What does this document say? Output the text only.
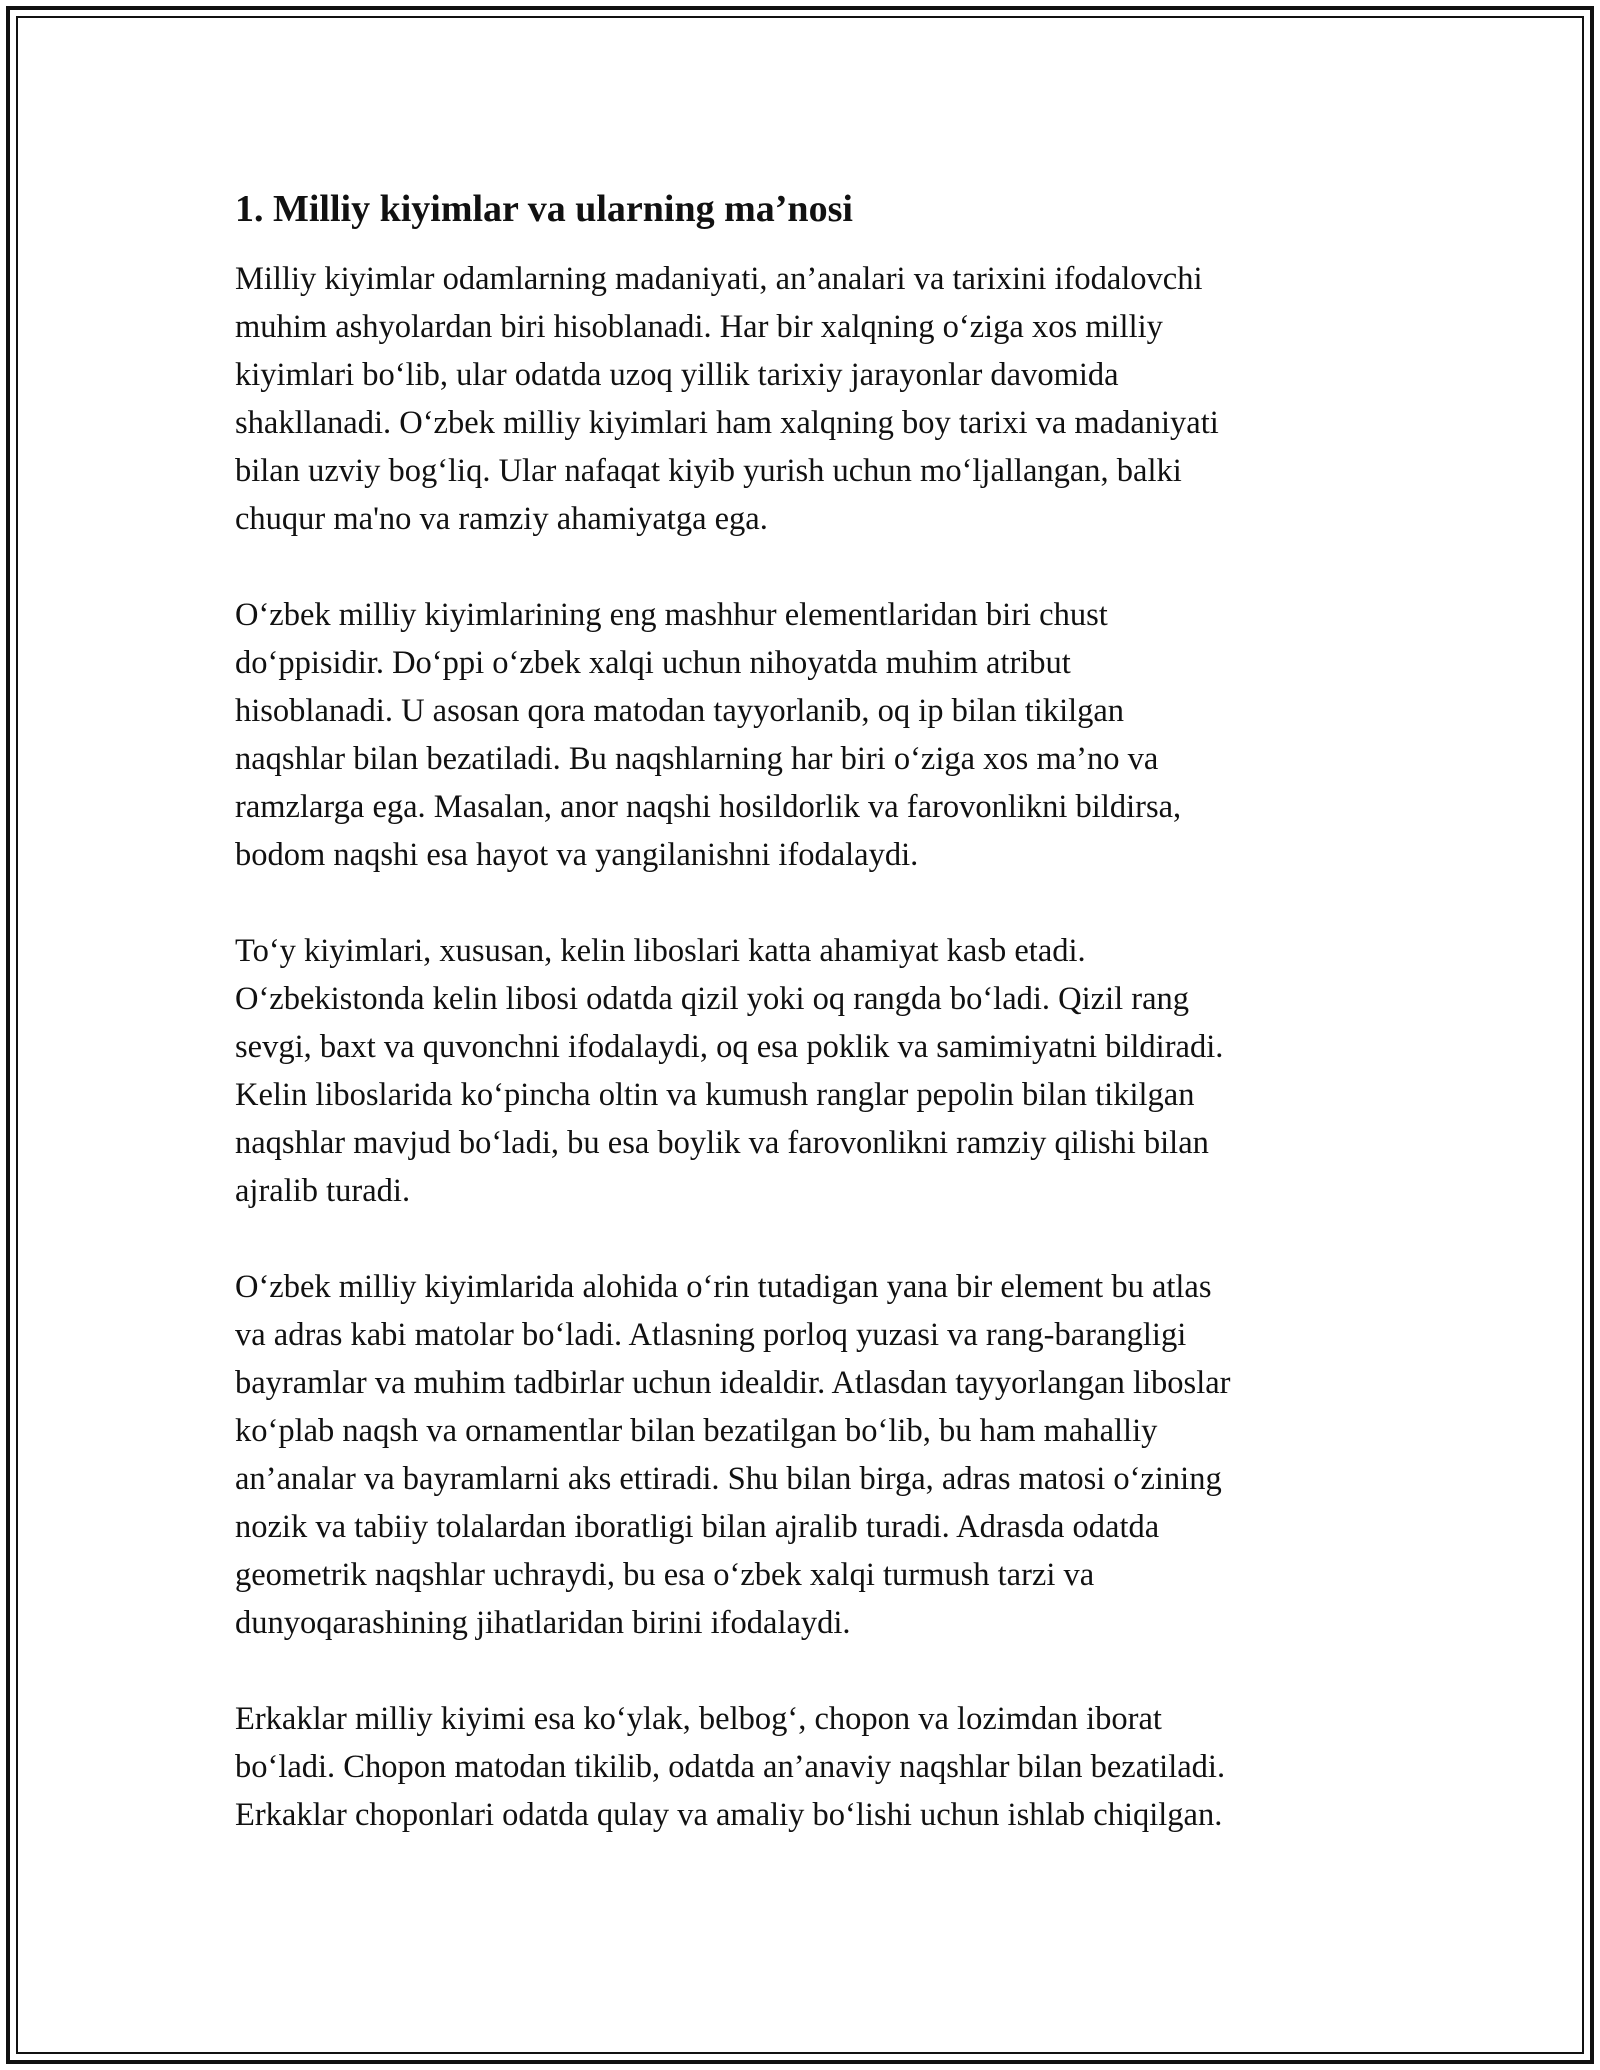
1. Milliy kiyimlar va ularning ma’nosi

Milliy kiyimlar odamlarning madaniyati, an’analari va tarixini ifodalovchi
muhim ashyolardan biri hisoblanadi. Har bir xalqning o‘ziga xos milliy
kiyimlari bo‘lib, ular odatda uzoq yillik tarixiy jarayonlar davomida
shakllanadi. O‘zbek milliy kiyimlari ham xalqning boy tarixi va madaniyati
bilan uzviy bog‘liq. Ular nafaqat kiyib yurish uchun mo‘ljallangan, balki
chuqur ma'no va ramziy ahamiyatga ega.

O‘zbek milliy kiyimlarining eng mashhur elementlaridan biri chust
do‘ppisidir. Do‘ppi o‘zbek xalqi uchun nihoyatda muhim atribut
hisoblanadi. U asosan qora matodan tayyorlanib, oq ip bilan tikilgan
naqshlar bilan bezatiladi. Bu naqshlarning har biri o‘ziga xos ma’no va
ramzlarga ega. Masalan, anor naqshi hosildorlik va farovonlikni bildirsa,
bodom naqshi esa hayot va yangilanishni ifodalaydi.

To‘y kiyimlari, xususan, kelin liboslari katta ahamiyat kasb etadi.
O‘zbekistonda kelin libosi odatda qizil yoki oq rangda bo‘ladi. Qizil rang
sevgi, baxt va quvonchni ifodalaydi, oq esa poklik va samimiyatni bildiradi.
Kelin liboslarida ko‘pincha oltin va kumush ranglar pepolin bilan tikilgan
naqshlar mavjud bo‘ladi, bu esa boylik va farovonlikni ramziy qilishi bilan
ajralib turadi.

O‘zbek milliy kiyimlarida alohida o‘rin tutadigan yana bir element bu atlas
va adras kabi matolar bo‘ladi. Atlasning porloq yuzasi va rang-barangligi
bayramlar va muhim tadbirlar uchun idealdir. Atlasdan tayyorlangan liboslar
ko‘plab naqsh va ornamentlar bilan bezatilgan bo‘lib, bu ham mahalliy
an’analar va bayramlarni aks ettiradi. Shu bilan birga, adras matosi o‘zining
nozik va tabiiy tolalardan iboratligi bilan ajralib turadi. Adrasda odatda
geometrik naqshlar uchraydi, bu esa o‘zbek xalqi turmush tarzi va
dunyoqarashining jihatlaridan birini ifodalaydi.

Erkaklar milliy kiyimi esa ko‘ylak, belbog‘, chopon va lozimdan iborat
bo‘ladi. Chopon matodan tikilib, odatda an’anaviy naqshlar bilan bezatiladi.
Erkaklar choponlari odatda qulay va amaliy bo‘lishi uchun ishlab chiqilgan.
